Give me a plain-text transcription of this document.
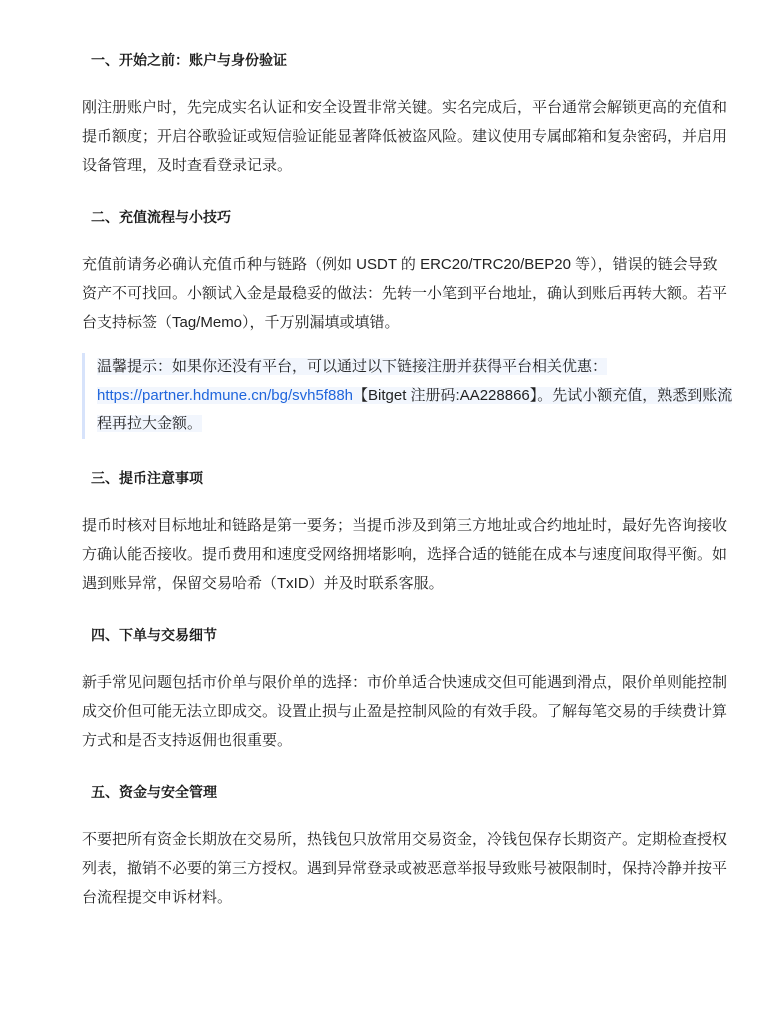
一、开始之前：账户与身份验证

刚注册账户时，先完成实名认证和安全设置非常关键。实名完成后，平台通常会解锁更高的充值和提币额度；开启谷歌验证或短信验证能显著降低被盗风险。建议使用专属邮箱和复杂密码，并启用设备管理，及时查看登录记录。

二、充值流程与小技巧

充值前请务必确认充值币种与链路（例如 USDT 的 ERC20/TRC20/BEP20 等），错误的链会导致资产不可找回。小额试入金是最稳妥的做法：先转一小笔到平台地址，确认到账后再转大额。若平台支持标签（Tag/Memo），千万别漏填或填错。

温馨提示：如果你还没有平台，可以通过以下链接注册并获得平台相关优惠：https://partner.hdmune.cn/bg/svh5f88h【Bitget 注册码:AA228866】。先试小额充值，熟悉到账流程再拉大金额。
三、提币注意事项

提币时核对目标地址和链路是第一要务；当提币涉及到第三方地址或合约地址时，最好先咨询接收方确认能否接收。提币费用和速度受网络拥堵影响，选择合适的链能在成本与速度间取得平衡。如遇到账异常，保留交易哈希（TxID）并及时联系客服。

四、下单与交易细节

新手常见问题包括市价单与限价单的选择：市价单适合快速成交但可能遇到滑点，限价单则能控制成交价但可能无法立即成交。设置止损与止盈是控制风险的有效手段。了解每笔交易的手续费计算方式和是否支持返佣也很重要。

五、资金与安全管理

不要把所有资金长期放在交易所，热钱包只放常用交易资金，冷钱包保存长期资产。定期检查授权列表，撤销不必要的第三方授权。遇到异常登录或被恶意举报导致账号被限制时，保持冷静并按平台流程提交申诉材料。
